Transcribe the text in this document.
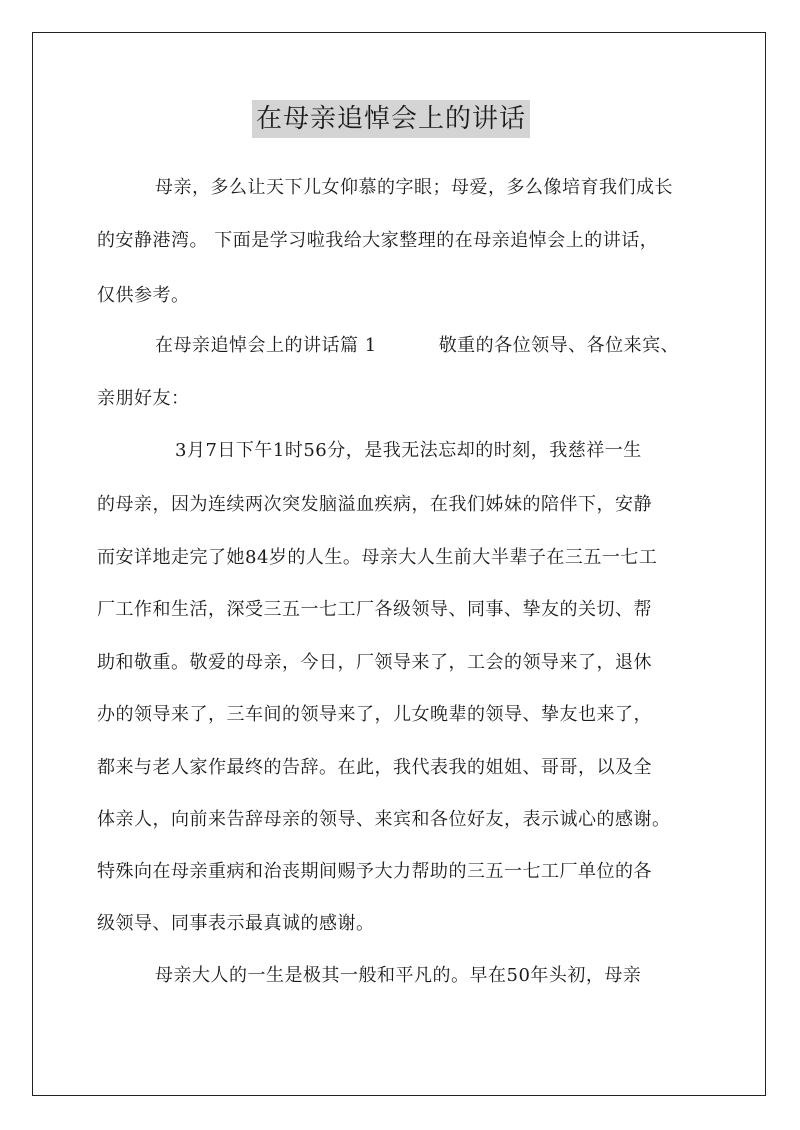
在母亲追悼会上的讲话
母亲，多么让天下儿女仰慕的字眼；母爱，多么像培育我们成长
的安静港湾。 下面是学习啦我给大家整理的在母亲追悼会上的讲话，
仅供参考。
在母亲追悼会上的讲话篇 1	敬重的各位领导、各位来宾、
亲朋好友：
3月7日下午1时56分，是我无法忘却的时刻，我慈祥一生
的母亲，因为连续两次突发脑溢血疾病，在我们姊妹的陪伴下，安静
而安详地走完了她84岁的人生。母亲大人生前大半辈子在三五一七工
厂工作和生活，深受三五一七工厂各级领导、同事、挚友的关切、帮
助和敬重。敬爱的母亲，今日，厂领导来了，工会的领导来了，退休
办的领导来了，三车间的领导来了，儿女晚辈的领导、挚友也来了，
都来与老人家作最终的告辞。在此，我代表我的姐姐、哥哥，以及全
体亲人，向前来告辞母亲的领导、来宾和各位好友，表示诚心的感谢。
特殊向在母亲重病和治丧期间赐予大力帮助的三五一七工厂单位的各
级领导、同事表示最真诚的感谢。
母亲大人的一生是极其一般和平凡的。早在50年头初，母亲
